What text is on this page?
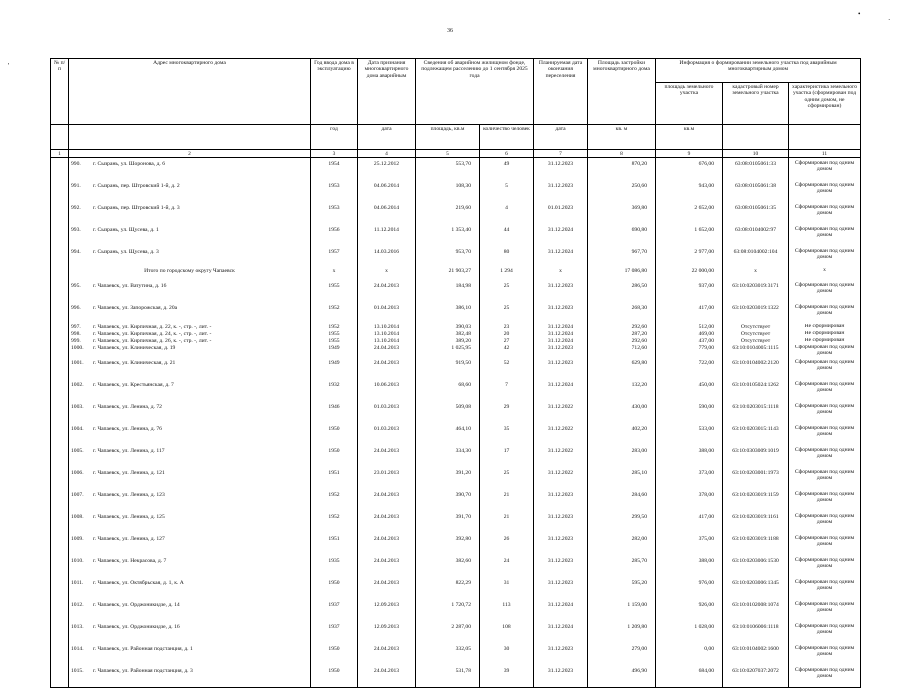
36
•
'
·
№ п/п	Адрес многоквартирного дома	Год ввода дома в эксплуатацию	Дата признания многоквартирного дома аварийным	Сведения об аварийном жилищном фонде, подлежащем расселению до 1 сентября 2025 года		Планируемая дата окончания переселения	Площадь застройки многоквартирного дома	Информация о формировании земельного участка под аварийным многоквартирным домом		
								площадь земельного участка	кадастровый номер земельного участка	характеристика земельного участка (сформирован под одним домом, не сформирован)
		год	дата	площадь, кв.м	количество человек	дата	кв. м	кв.м		
1	2	3	4	5	6	7	8	9	10	11
	990. г. Сызрань, ул. Шоронова, д. 6	1954	25.12.2012	553,70	49	31.12.2023	870,20	676,00	63:08:0105061:33	Сформирован под одним домом
	991. г. Сызрань, пер. Штровский 1-й, д. 2	1953	04.06.2014	108,30	5	31.12.2023	250,60	943,00	63:08:0105061:38	Сформирован под одним домом
	992. г. Сызрань, пер. Штровский 1-й, д. 3	1953	04.06.2014	219,60	4	01.01.2023	369,80	2 652,00	63:08:0105061:35	Сформирован под одним домом
	993. г. Сызрань, ул. Щусева, д. 1	1956	11.12.2014	1 353,40	44	31.12.2024	690,80	1 652,00	63:08:0104002:97	Сформирован под одним домом
	994. г. Сызрань, ул. Щусева, д. 3	1957	14.03.2016	953,70	80	31.12.2024	967,70	2 977,00	63:08:0104002:104	Сформирован под одним домом
	Итого по городскому округу Чапаевск	х	х	21 903,27	1 294	х	17 086,80	22 000,00	х	х
	995. г. Чапаевск, ул. Ватутина, д. 16	1955	24.04.2013	184,98	25	31.12.2023	286,50	937,00	63:10:0203019:3171	Сформирован под одним домом
	996. г. Чапаевск, ул. Запорожская, д. 20а	1952	01.04.2013	386,10	25	31.12.2023	268,30	417,00	63:10:0203019:1322	Сформирован под одним домом
	997. г. Чапаевск, ул. Кирпичная, д. 22, к. -, стр. -, лит. -	1952	13.10.2014	390,03	23	31.12.2024	292,60	512,00	Отсутствует	Не сформирован
	998. г. Чапаевск, ул. Кирпичная, д. 24, к. -, стр. -, лит. -	1955	13.10.2014	382,48	20	31.12.2024	287,20	469,00	Отсутствует	Не сформирован
	999. г. Чапаевск, ул. Кирпичная, д. 26, к. -, стр. -, лит. -	1955	13.10.2014	389,20	27	31.12.2024	292,60	437,00	Отсутствует	Не сформирован
	1000. г. Чапаевск, ул. Клиническая, д. 19	1949	24.04.2013	1 025,95	42	31.12.2023	712,60	779,00	63:10:0104005:1115	Сформирован под одним домом
	1001. г. Чапаевск, ул. Клиническая, д. 21	1949	24.04.2013	919,50	52	31.12.2023	629,80	722,00	63:10:0104002:2120	Сформирован под одним домом
	1002. г. Чапаевск, ул. Крестьянская, д. 7	1932	10.06.2013	68,60	7	31.12.2024	132,20	450,00	63:10:0105024:1262	Сформирован под одним домом
	1003. г. Чапаевск, ул. Ленина, д. 72	1946	01.03.2013	509,08	29	31.12.2022	430,00	590,00	63:10:0203015:1118	Сформирован под одним домом
	1004. г. Чапаевск, ул. Ленина, д. 76	1950	01.03.2013	464,10	35	31.12.2022	402,20	533,00	63:10:0203015:1143	Сформирован под одним домом
	1005. г. Чапаевск, ул. Ленина, д. 117	1950	24.04.2013	334,30	17	31.12.2022	283,00	388,00	63:10:0303009:1019	Сформирован под одним домом
	1006. г. Чапаевск, ул. Ленина, д. 121	1951	23.01.2013	391,20	25	31.12.2022	285,10	373,00	63:10:0203001:1973	Сформирован под одним домом
	1007. г. Чапаевск, ул. Ленина, д. 123	1952	24.04.2013	390,70	21	31.12.2023	284,60	378,00	63:10:0203019:1159	Сформирован под одним домом
	1008. г. Чапаевск, ул. Ленина, д. 125	1952	24.04.2013	391,70	21	31.12.2023	299,50	417,00	63:10:0203019:1161	Сформирован под одним домом
	1009. г. Чапаевск, ул. Ленина, д. 127	1951	24.04.2013	392,80	26	31.12.2023	282,00	375,00	63:10:0203019:1188	Сформирован под одним домом
	1010. г. Чапаевск, ул. Некрасова, д. 7	1935	24.04.2013	382,60	24	31.12.2023	285,70	388,00	63:10:0203006:1530	Сформирован под одним домом
	1011. г. Чапаевск, ул. Октябрьская, д. 1, к. А	1950	24.04.2013	822,29	31	31.12.2023	595,20	976,00	63:10:0203006:1345	Сформирован под одним домом
	1012. г. Чапаевск, ул. Орджоникидзе, д. 14	1937	12.09.2013	1 720,72	113	31.12.2024	1 159,00	926,00	63:10:0102008:1074	Сформирован под одним домом
	1013. г. Чапаевск, ул. Орджоникидзе, д. 16	1937	12.09.2013	2 287,00	108	31.12.2024	1 209,80	1 028,00	63:10:0106006:1118	Сформирован под одним домом
	1014. г. Чапаевск, ул. Районная подстанция, д. 1	1950	24.04.2013	332,05	30	31.12.2023	279,00	0,00	63:10:0104002:1600	Сформирован под одним домом
	1015. г. Чапаевск, ул. Районная подстанция, д. 3	1950	24.04.2013	531,78	39	31.12.2023	496,90	684,00	63:10:0207037:2072	Сформирован под одним домом
